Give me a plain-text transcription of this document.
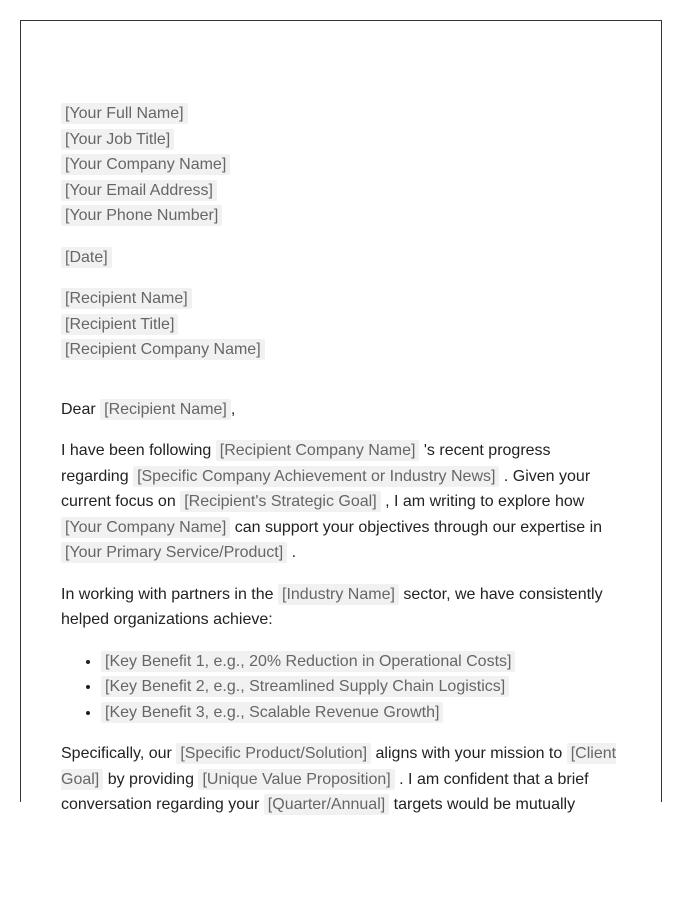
[Your Full Name]
[Your Job Title]
[Your Company Name]
[Your Email Address]
[Your Phone Number]
[Date]
[Recipient Name]
[Recipient Title]
[Recipient Company Name]

Dear [Recipient Name] ,

I have been following [Recipient Company Name] 's recent progress regarding [Specific Company Achievement or Industry News] . Given your current focus on [Recipient's Strategic Goal] , I am writing to explore how [Your Company Name] can support your objectives through our expertise in [Your Primary Service/Product] .

In working with partners in the [Industry Name] sector, we have consistently helped organizations achieve:

• [Key Benefit 1, e.g., 20% Reduction in Operational Costs]
• [Key Benefit 2, e.g., Streamlined Supply Chain Logistics]
• [Key Benefit 3, e.g., Scalable Revenue Growth]

Specifically, our [Specific Product/Solution] aligns with your mission to [Client Goal] by providing [Unique Value Proposition] . I am confident that a brief conversation regarding your [Quarter/Annual] targets would be mutually
